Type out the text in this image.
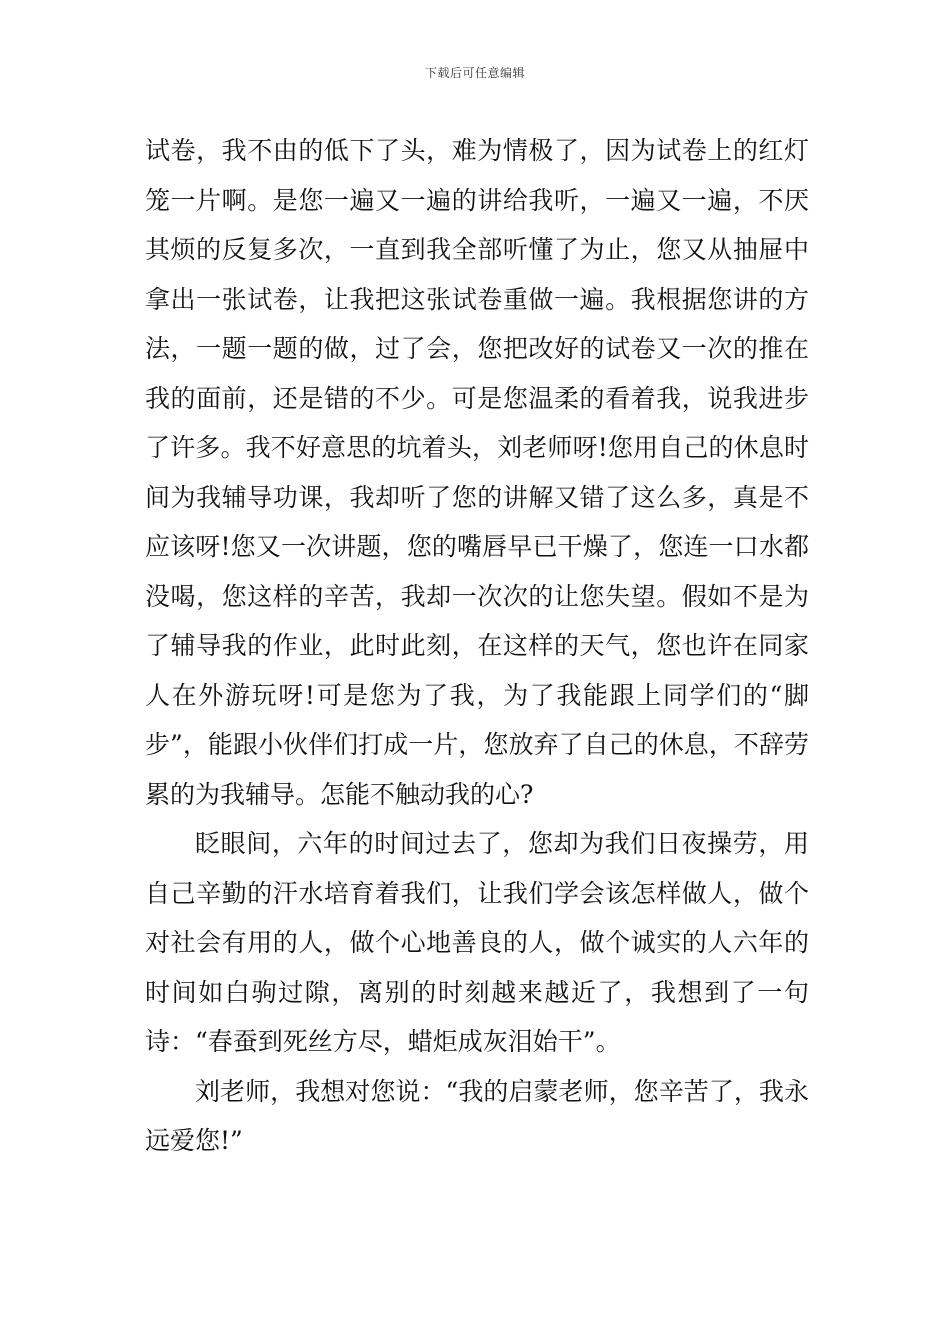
下载后可任意编辑

试卷，我不由的低下了头，难为情极了，因为试卷上的红灯笼一片啊。是您一遍又一遍的讲给我听，一遍又一遍，不厌其烦的反复多次，一直到我全部听懂了为止，您又从抽屉中拿出一张试卷，让我把这张试卷重做一遍。我根据您讲的方法，一题一题的做，过了会，您把改好的试卷又一次的推在我的面前，还是错的不少。可是您温柔的看着我，说我进步了许多。我不好意思的坑着头，刘老师呀!您用自己的休息时间为我辅导功课，我却听了您的讲解又错了这么多，真是不应该呀!您又一次讲题，您的嘴唇早已干燥了，您连一口水都没喝，您这样的辛苦，我却一次次的让您失望。假如不是为了辅导我的作业，此时此刻，在这样的天气，您也许在同家人在外游玩呀!可是您为了我，为了我能跟上同学们的“脚步”，能跟小伙伴们打成一片，您放弃了自己的休息，不辞劳累的为我辅导。怎能不触动我的心?

眨眼间，六年的时间过去了，您却为我们日夜操劳，用自己辛勤的汗水培育着我们，让我们学会该怎样做人，做个对社会有用的人，做个心地善良的人，做个诚实的人六年的时间如白驹过隙，离别的时刻越来越近了，我想到了一句诗：“春蚕到死丝方尽，蜡炬成灰泪始干”。

刘老师，我想对您说：“我的启蒙老师，您辛苦了，我永远爱您!”
